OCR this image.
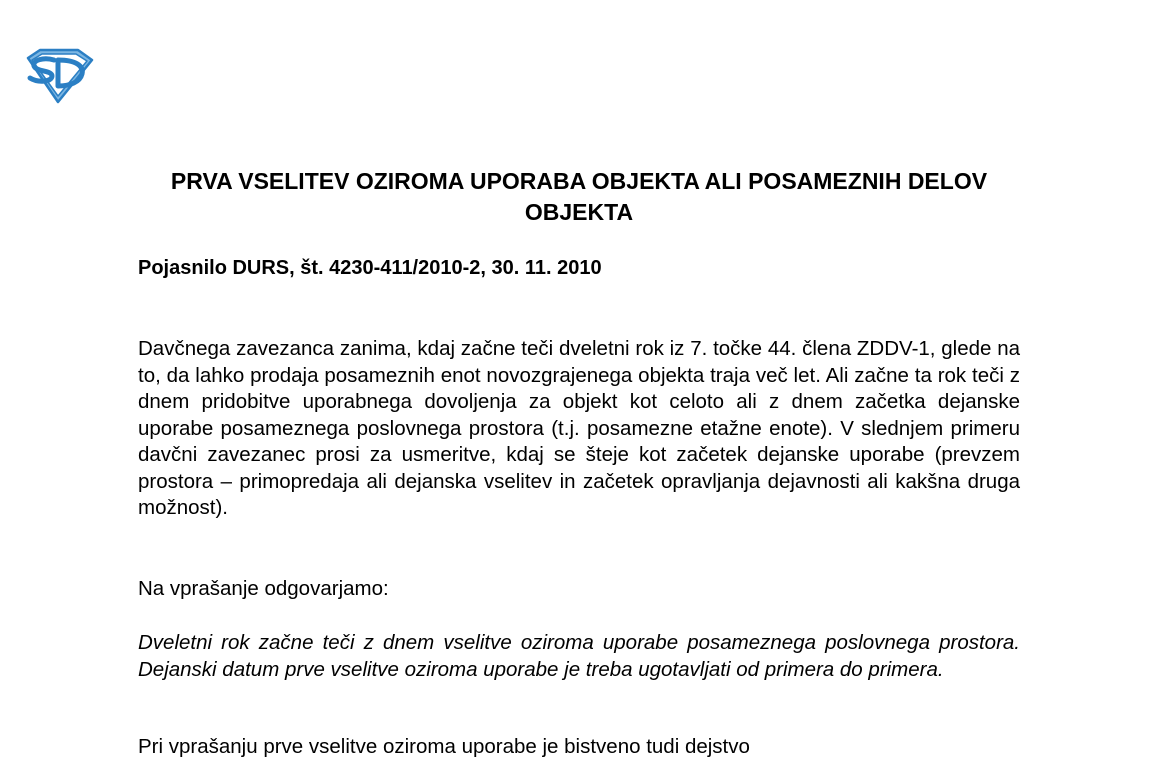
PRVA VSELITEV OZIROMA UPORABA OBJEKTA ALI POSAMEZNIH DELOV OBJEKTA

Pojasnilo DURS, št. 4230-411/2010-2, 30. 11. 2010

Davčnega zavezanca zanima, kdaj začne teči dveletni rok iz 7. točke 44. člena ZDDV-1, glede na to, da lahko prodaja posameznih enot novozgrajenega objekta traja več let. Ali začne ta rok teči z dnem pridobitve uporabnega dovoljenja za objekt kot celoto ali z dnem začetka dejanske uporabe posameznega poslovnega prostora (t.j. posamezne etažne enote). V slednjem primeru davčni zavezanec prosi za usmeritve, kdaj se šteje kot začetek dejanske uporabe (prevzem prostora – primopredaja ali dejanska vselitev in začetek opravljanja dejavnosti ali kakšna druga možnost).

Na vprašanje odgovarjamo:

Dveletni rok začne teči z dnem vselitve oziroma uporabe posameznega poslovnega prostora. Dejanski datum prve vselitve oziroma uporabe je treba ugotavljati od primera do primera.

Pri vprašanju prve vselitve oziroma uporabe je bistveno tudi dejstvo
